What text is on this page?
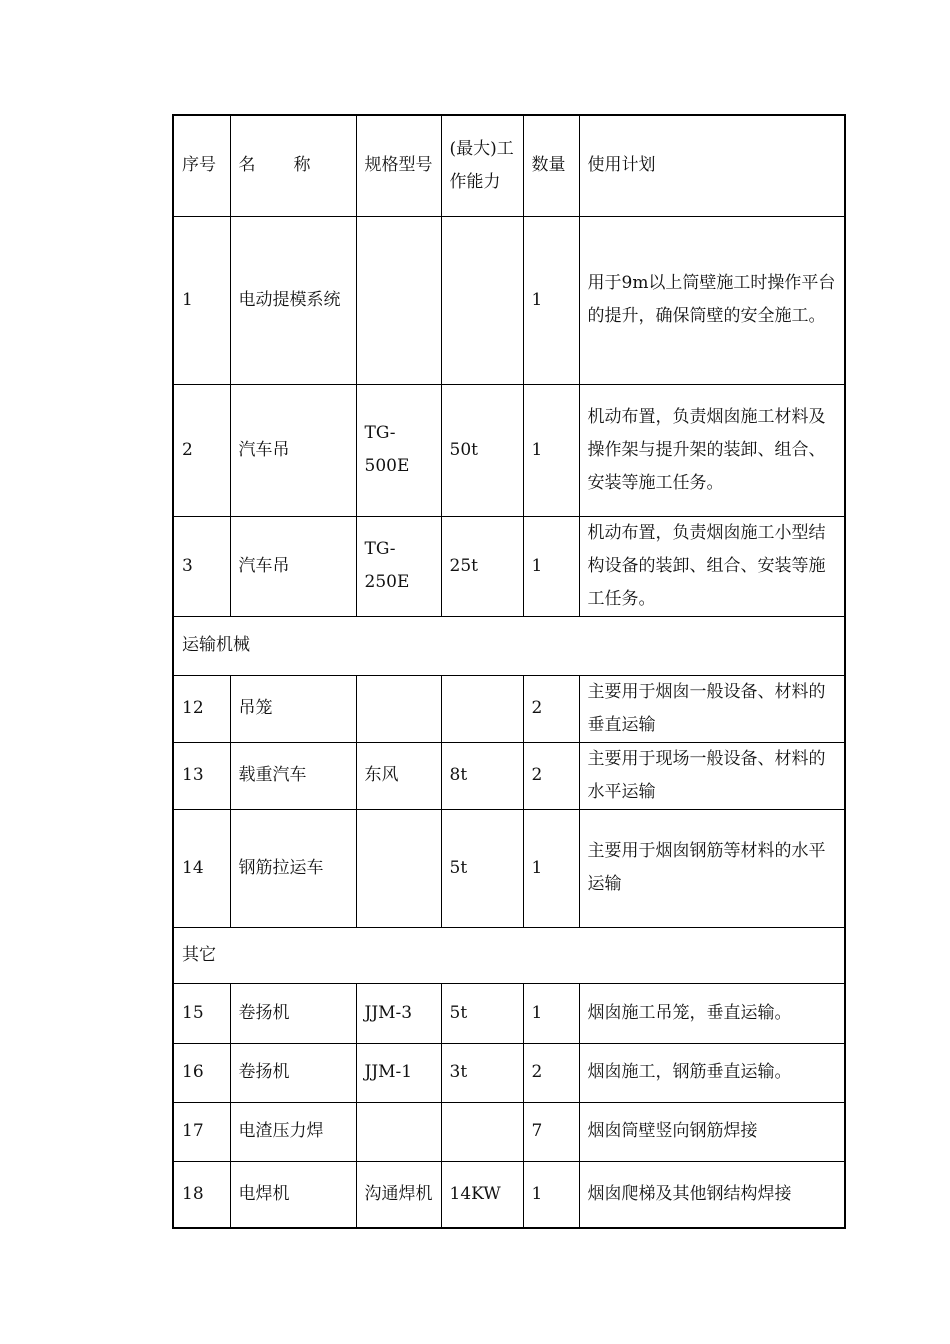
序号	名 称	规格型号	(最大)工作能力	数量	使用计划
1	电动提模系统			1	用于9m以上筒壁施工时操作平台的提升，确保筒壁的安全施工。
2	汽车吊	TG-500E	50t	1	机动布置，负责烟囱施工材料及操作架与提升架的装卸、组合、安装等施工任务。
3	汽车吊	TG-250E	25t	1	机动布置，负责烟囱施工小型结构设备的装卸、组合、安装等施工任务。
运输机械					
12	吊笼			2	主要用于烟囱一般设备、材料的垂直运输
13	载重汽车	东风	8t	2	主要用于现场一般设备、材料的水平运输
14	钢筋拉运车		5t	1	主要用于烟囱钢筋等材料的水平运输
其它					
15	卷扬机	JJM-3	5t	1	烟囱施工吊笼，垂直运输。
16	卷扬机	JJM-1	3t	2	烟囱施工，钢筋垂直运输。
17	电渣压力焊			7	烟囱筒壁竖向钢筋焊接
18	电焊机	沟通焊机	14KW	1	烟囱爬梯及其他钢结构焊接
